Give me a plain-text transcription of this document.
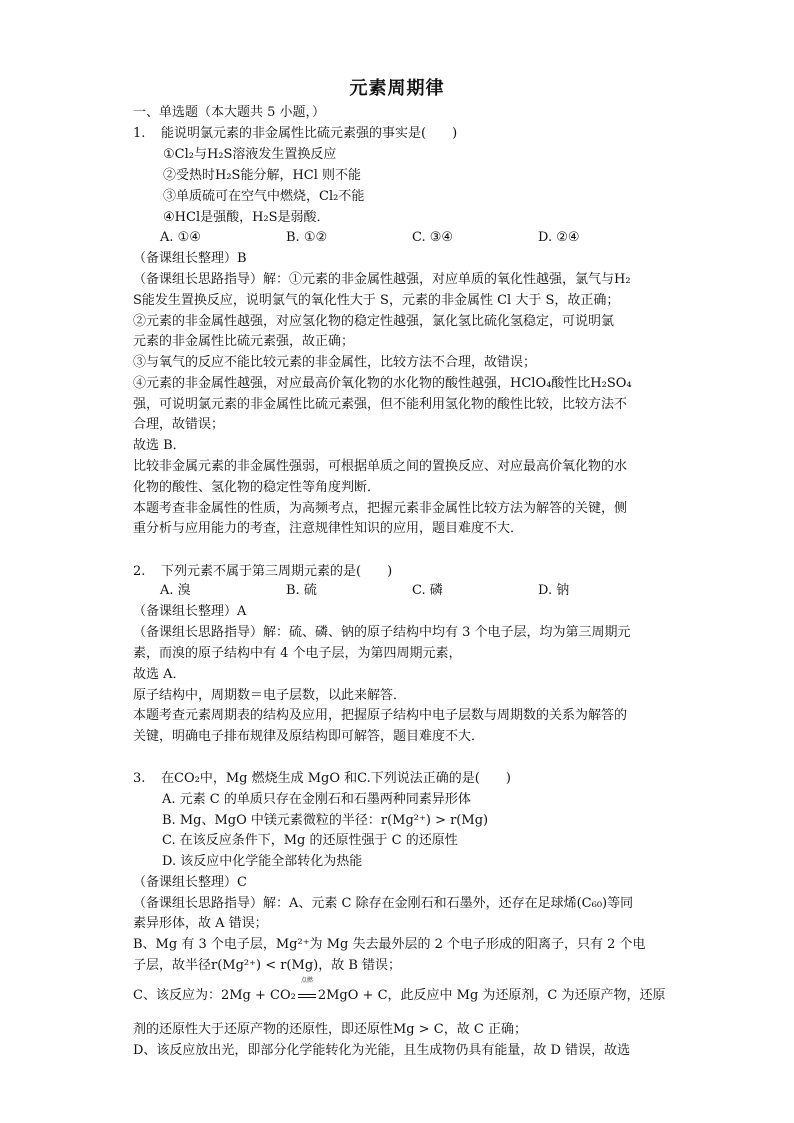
元素周期律
一、单选题（本大题共 5 小题，）
1. 能说明氯元素的非金属性比硫元素强的事实是(　　)
①Cl₂与H₂S溶液发生置换反应
②受热时H₂S能分解，HCl 则不能
③单质硫可在空气中燃烧，Cl₂不能
④HCl是强酸，H₂S是弱酸．
A. ①④	B. ①②	C. ③④	D. ②④
（备课组长整理）B
（备课组长思路指导）解：①元素的非金属性越强，对应单质的氧化性越强，氯气与H₂
S能发生置换反应，说明氯气的氧化性大于 S，元素的非金属性 Cl 大于 S，故正确；
②元素的非金属性越强，对应氢化物的稳定性越强，氯化氢比硫化氢稳定，可说明氯
元素的非金属性比硫元素强，故正确；
③与氧气的反应不能比较元素的非金属性，比较方法不合理，故错误；
④元素的非金属性越强，对应最高价氧化物的水化物的酸性越强，HClO₄酸性比H₂SO₄
强，可说明氯元素的非金属性比硫元素强，但不能利用氢化物的酸性比较，比较方法不
合理，故错误；
故选 B．
比较非金属元素的非金属性强弱，可根据单质之间的置换反应、对应最高价氧化物的水
化物的酸性、氢化物的稳定性等角度判断．
本题考查非金属性的性质，为高频考点，把握元素非金属性比较方法为解答的关键，侧
重分析与应用能力的考查，注意规律性知识的应用，题目难度不大．
2. 下列元素不属于第三周期元素的是(　　)
A. 溴	B. 硫	C. 磷	D. 钠
（备课组长整理）A
（备课组长思路指导）解：硫、磷、钠的原子结构中均有 3 个电子层，均为第三周期元
素，而溴的原子结构中有 4 个电子层，为第四周期元素，
故选 A．
原子结构中，周期数＝电子层数，以此来解答．
本题考查元素周期表的结构及应用，把握原子结构中电子层数与周期数的关系为解答的
关键，明确电子排布规律及原结构即可解答，题目难度不大．
3. 在CO₂中，Mg 燃烧生成 MgO 和C.下列说法正确的是(　　)
A. 元素 C 的单质只存在金刚石和石墨两种同素异形体
B. Mg、MgO 中镁元素微粒的半径：r(Mg²⁺) > r(Mg)
C. 在该反应条件下，Mg 的还原性强于 C 的还原性
D. 该反应中化学能全部转化为热能
（备课组长整理）C
（备课组长思路指导）解：A、元素 C 除存在金刚石和石墨外，还存在足球烯(C₆₀)等同
素异形体，故 A 错误；
B、Mg 有 3 个电子层，Mg²⁺为 Mg 失去最外层的 2 个电子形成的阳离子，只有 2 个电
子层，故半径r(Mg²⁺) < r(Mg)，故 B 错误；
C、该反应为：2Mg + CO₂
点燃
2MgO + C，此反应中 Mg 为还原剂，C 为还原产物，还原
剂的还原性大于还原产物的还原性，即还原性Mg > C，故 C 正确；
D、该反应放出光，即部分化学能转化为光能，且生成物仍具有能量，故 D 错误，故选
